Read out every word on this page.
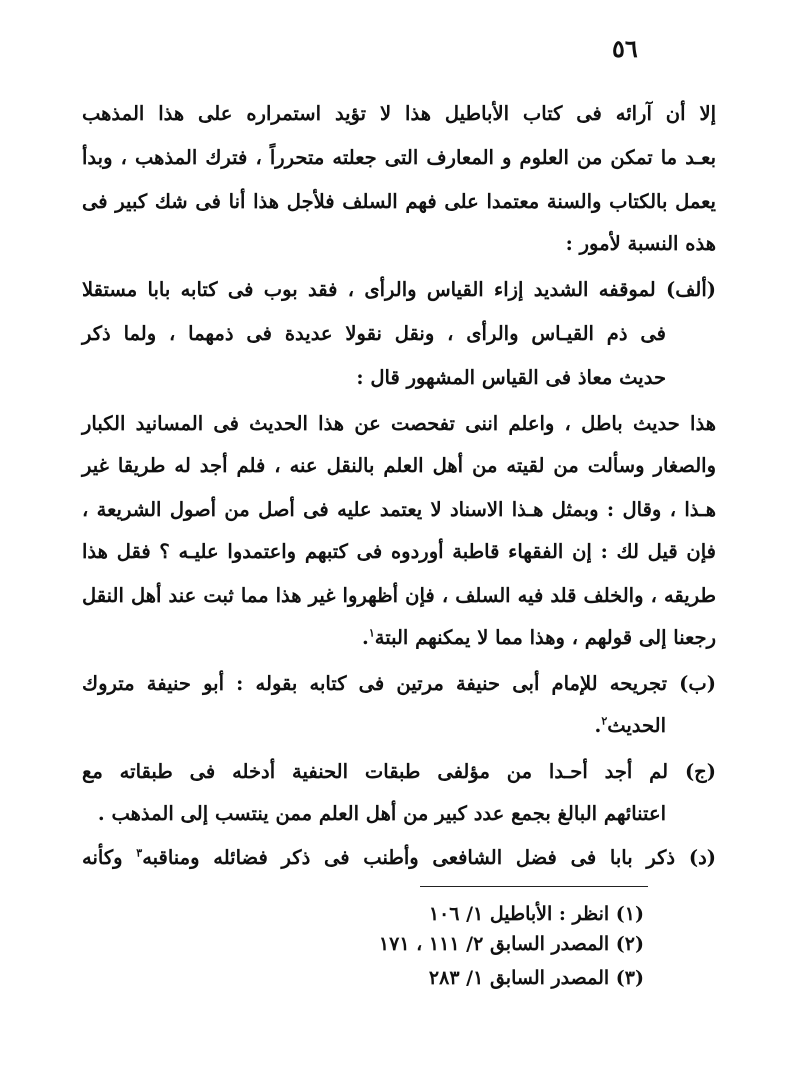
٥٦
إلا أن آرائه فى كتاب الأباطيل هذا لا تؤيد استمراره على هذا المذهب
بعـد ما تمكن من العلوم و المعارف التى جعلته متحرراً ، فترك المذهب ، وبدأ
يعمل بالكتاب والسنة معتمدا على فهم السلف فلأجل هذا أنا فى شك كبير فى
هذه النسبة لأمور :
(ألف) لموقفه الشديد إزاء القياس والرأى ، فقد بوب فى كتابه بابا مستقلا
فى ذم القيـاس والرأى ، ونقل نقولا عديدة فى ذمهما ، ولما ذكر
حديث معاذ فى القياس المشهور قال :
هذا حديث باطل ، واعلم اننى تفحصت عن هذا الحديث فى المسانيد الكبار
والصغار وسألت من لقيته من أهل العلم بالنقل عنه ، فلم أجد له طريقا غير
هـذا ، وقال : وبمثل هـذا الاسناد لا يعتمد عليه فى أصل من أصول الشريعة ،
فإن قيل لك : إن الفقهاء قاطبة أوردوه فى كتبهم واعتمدوا عليـه ؟ فقل هذا
طريقه ، والخلف قلد فيه السلف ، فإن أظهروا غير هذا مما ثبت عند أهل النقل
رجعنا إلى قولهم ، وهذا مما لا يمكنهم البتة$^١$.
(ب) تجريحه للإمام أبى حنيفة مرتين فى كتابه بقوله : أبو حنيفة متروك
الحديث$^٢$.
(ج) لم أجد أحـدا من مؤلفى طبقات الحنفية أدخله فى طبقاته مع
اعتنائهم البالغ بجمع عدد كبير من أهل العلم ممن ينتسب إلى المذهب .
(د) ذكر بابا فى فضل الشافعى وأطنب فى ذكر فضائله ومناقبه$^٣$ وكأنه
(١) انظر : الأباطيل ١/ ١٠٦
(٢) المصدر السابق ٢/ ١١١ ، ١٧١
(٣) المصدر السابق ١/ ٢٨٣
